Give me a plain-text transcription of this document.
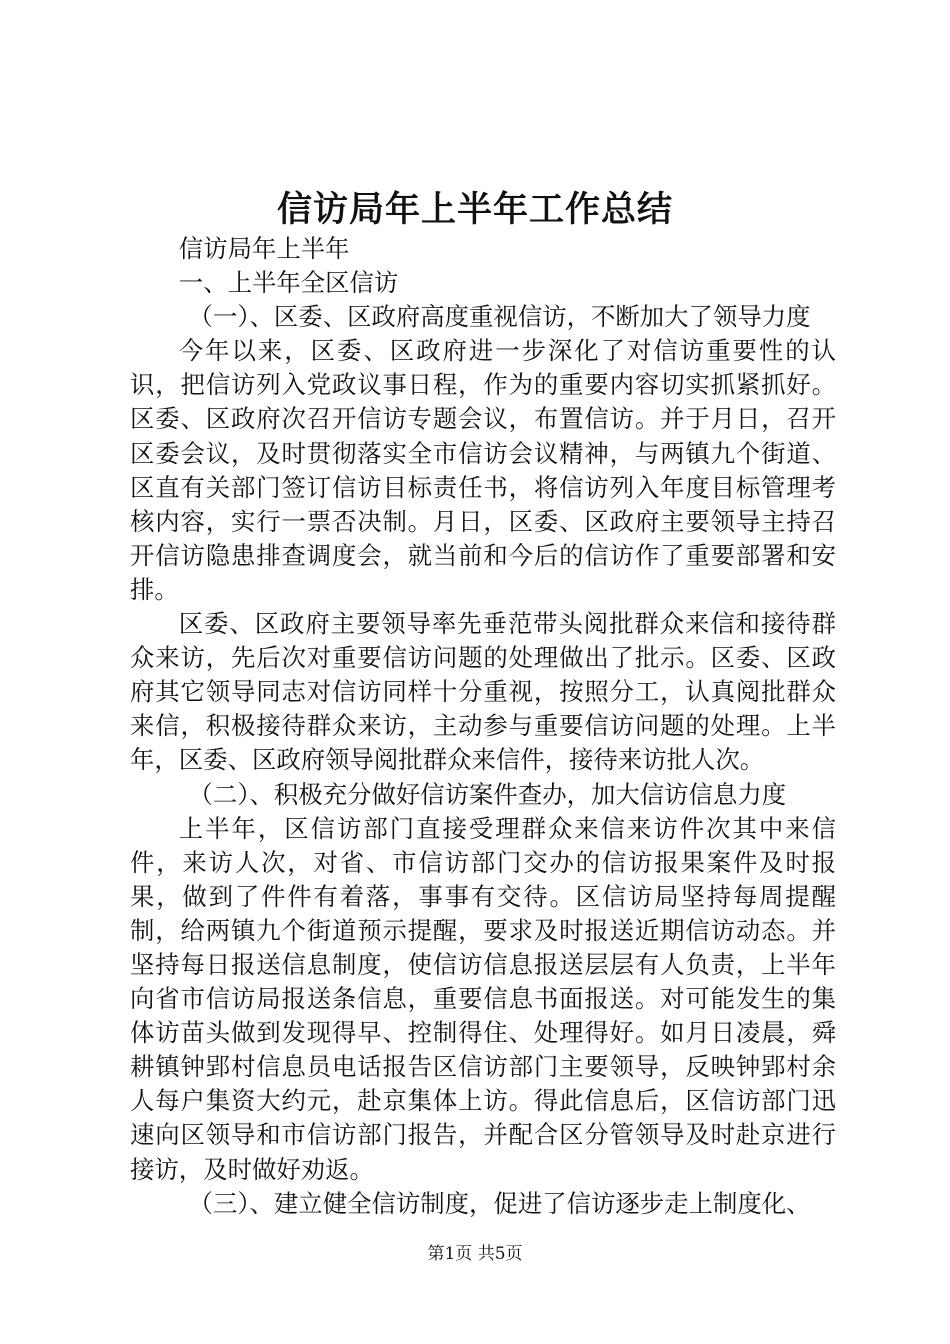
信访局年上半年工作总结

信访局年上半年

一、上半年全区信访

（一）、区委、区政府高度重视信访，不断加大了领导力度

今年以来，区委、区政府进一步深化了对信访重要性的认识，把信访列入党政议事日程，作为的重要内容切实抓紧抓好。区委、区政府次召开信访专题会议，布置信访。并于月日，召开区委会议，及时贯彻落实全市信访会议精神，与两镇九个街道、区直有关部门签订信访目标责任书，将信访列入年度目标管理考核内容，实行一票否决制。月日，区委、区政府主要领导主持召开信访隐患排查调度会，就当前和今后的信访作了重要部署和安排。

区委、区政府主要领导率先垂范带头阅批群众来信和接待群众来访，先后次对重要信访问题的处理做出了批示。区委、区政府其它领导同志对信访同样十分重视，按照分工，认真阅批群众来信，积极接待群众来访，主动参与重要信访问题的处理。上半年，区委、区政府领导阅批群众来信件，接待来访批人次。

（二）、积极充分做好信访案件查办，加大信访信息力度

上半年，区信访部门直接受理群众来信来访件次其中来信件，来访人次，对省、市信访部门交办的信访报果案件及时报果，做到了件件有着落，事事有交待。区信访局坚持每周提醒制，给两镇九个街道预示提醒，要求及时报送近期信访动态。并坚持每日报送信息制度，使信访信息报送层层有人负责，上半年向省市信访局报送条信息，重要信息书面报送。对可能发生的集体访苗头做到发现得早、控制得住、处理得好。如月日凌晨，舜耕镇钟郢村信息员电话报告区信访部门主要领导，反映钟郢村余人每户集资大约元，赴京集体上访。得此信息后，区信访部门迅速向区领导和市信访部门报告，并配合区分管领导及时赴京进行接访，及时做好劝返。

（三）、建立健全信访制度，促进了信访逐步走上制度化、

第1页 共5页
